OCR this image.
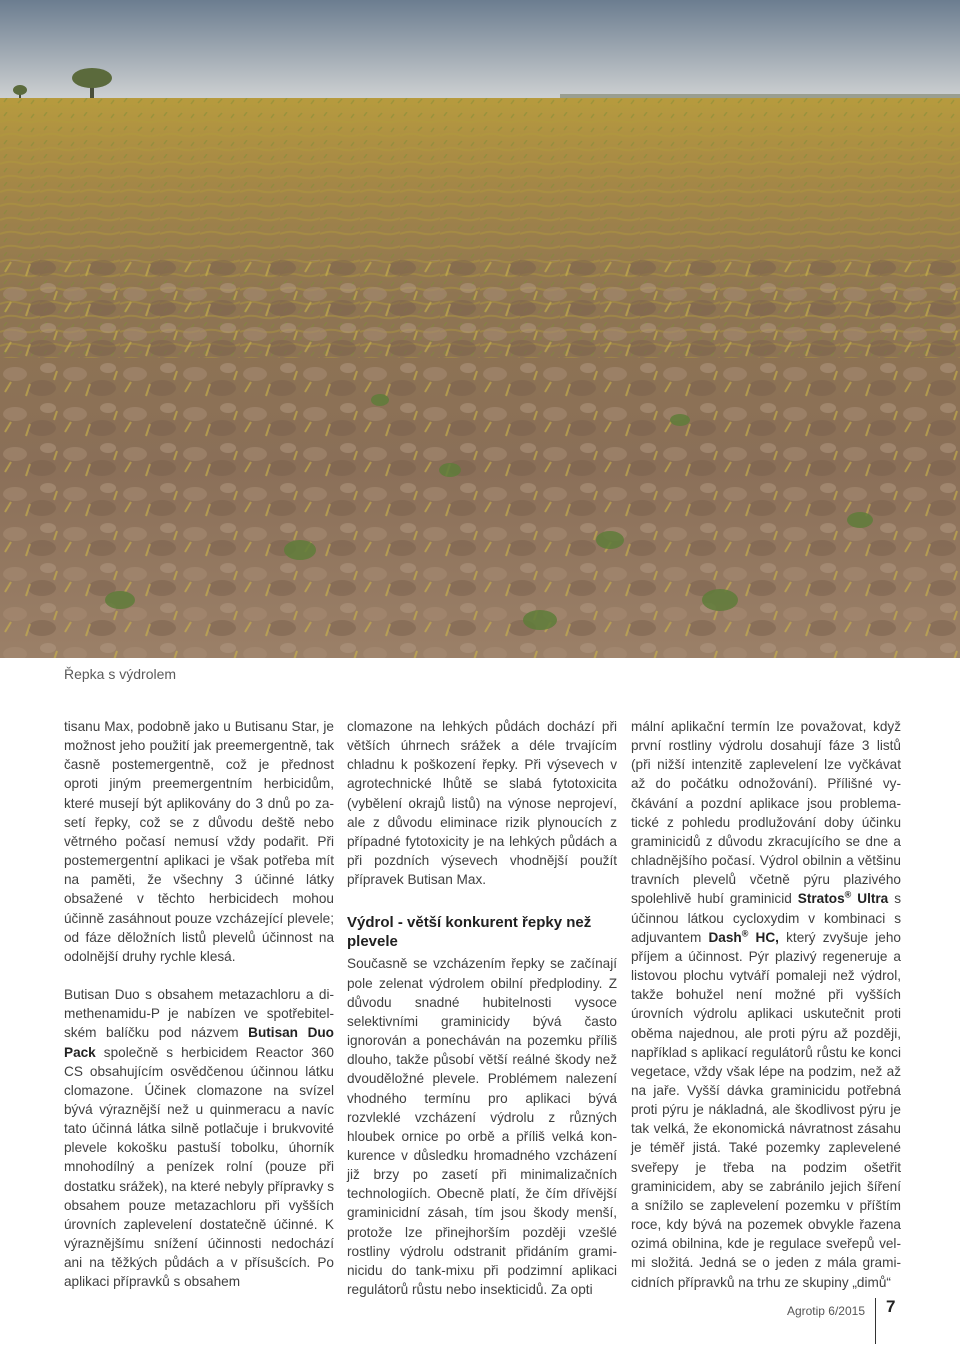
Řepka s výdrolem

tisanu Max, podobně jako u Butisanu Star, je možnost jeho použití jak preemergentně, tak časně postemergentně, což je přednost oproti jiným preemergentním herbicidům, které musejí být aplikovány do 3 dnů po zasetí řepky, což se z důvodu deště nebo větrného počasí nemusí vždy podařit. Při postemergentní aplikaci je však potřeba mít na paměti, že všechny 3 účinné látky obsažené v těchto herbicidech mohou účinně zasáhnout pouze vzcházející plevele; od fáze děložních listů plevelů účinnost na odolnější druhy rychle klesá.

Butisan Duo s obsahem metazachloru a dimethenamidu-P je nabízen ve spotřebitelském balíčku pod názvem Butisan Duo Pack společně s herbicidem Reactor 360 CS obsahujícím osvědčenou účinnou látku clomazone. Účinek clomazone na svízel bývá výraznější než u quinmeracu a navíc tato účinná látka silně potlačuje i brukvovité plevele kokošku pastuší tobolku, úhorník mnohodílný a penízek rolní (pouze při dostatku srážek), na které nebyly přípravky s obsahem pouze metazachloru při vyšších úrovních zaplevelení dostatečně účinné. K výraznějšímu snížení účinnosti nedochází ani na těžkých půdách a v přísušcích. Po aplikaci přípravků s obsahem

clomazone na lehkých půdách dochází při větších úhrnech srážek a déle trvajícím chladnu k poškození řepky. Při výsevech v agrotechnické lhůtě se slabá fytotoxicita (vybělení okrajů listů) na výnose neprojeví, ale z důvodu eliminace rizik plynoucích z případné fytotoxicity je na lehkých půdách a při pozdních výsevech vhodnější použít přípravek Butisan Max.

Výdrol - větší konkurent řepky než plevele

Současně se vzcházením řepky se začínají pole zelenat výdrolem obilní předplodiny. Z důvodu snadné hubitelnosti vysoce selektivními graminicidy bývá často ignorován a ponecháván na pozemku příliš dlouho, takže působí větší reálné škody než dvouděložné plevele. Problémem nalezení vhodného termínu pro aplikaci bývá rozvleklé vzcházení výdrolu z různých hloubek ornice po orbě a příliš velká konkurence v důsledku hromadného vzcházení již brzy po zasetí při minimalizačních technologiích. Obecně platí, že čím dřívější graminicidní zásah, tím jsou škody menší, protože lze přinejhorším později vzešlé rostliny výdrolu odstranit přidáním graminicidu do tank-mixu při podzimní aplikaci regulátorů růstu nebo insekticidů. Za opti

mální aplikační termín lze považovat, když první rostliny výdrolu dosahují fáze 3 listů (při nižší intenzitě zaplevelení lze vyčkávat až do počátku odnožování). Přílišné vyčkávání a pozdní aplikace jsou problematické z pohledu prodlužování doby účinku graminicidů z důvodu zkracujícího se dne a chladnějšího počasí. Výdrol obilnin a většinu travních plevelů včetně pýru plazivého spolehlivě hubí graminicid Stratos® Ultra s účinnou látkou cycloxydim v kombinaci s adjuvantem Dash® HC, který zvyšuje jeho příjem a účinnost. Pýr plazivý regeneruje a listovou plochu vytváří pomaleji než výdrol, takže bohužel není možné při vyšších úrovních výdrolu aplikaci uskutečnit proti oběma najednou, ale proti pýru až později, například s aplikací regulátorů růstu ke konci vegetace, vždy však lépe na podzim, než až na jaře. Vyšší dávka graminicidu potřebná proti pýru je nákladná, ale škodlivost pýru je tak velká, že ekonomická návratnost zásahu je téměř jistá. Také pozemky zaplevelené sveřepy je třeba na podzim ošetřit graminicidem, aby se zabránilo jejich šíření a snížilo se zaplevelení pozemku v příštím roce, kdy bývá na pozemek obvykle řazena ozimá obilnina, kde je regulace sveřepů velmi složitá. Jedná se o jeden z mála gramicidních přípravků na trhu ze skupiny „dimů“

Agrotip 6/2015 7
